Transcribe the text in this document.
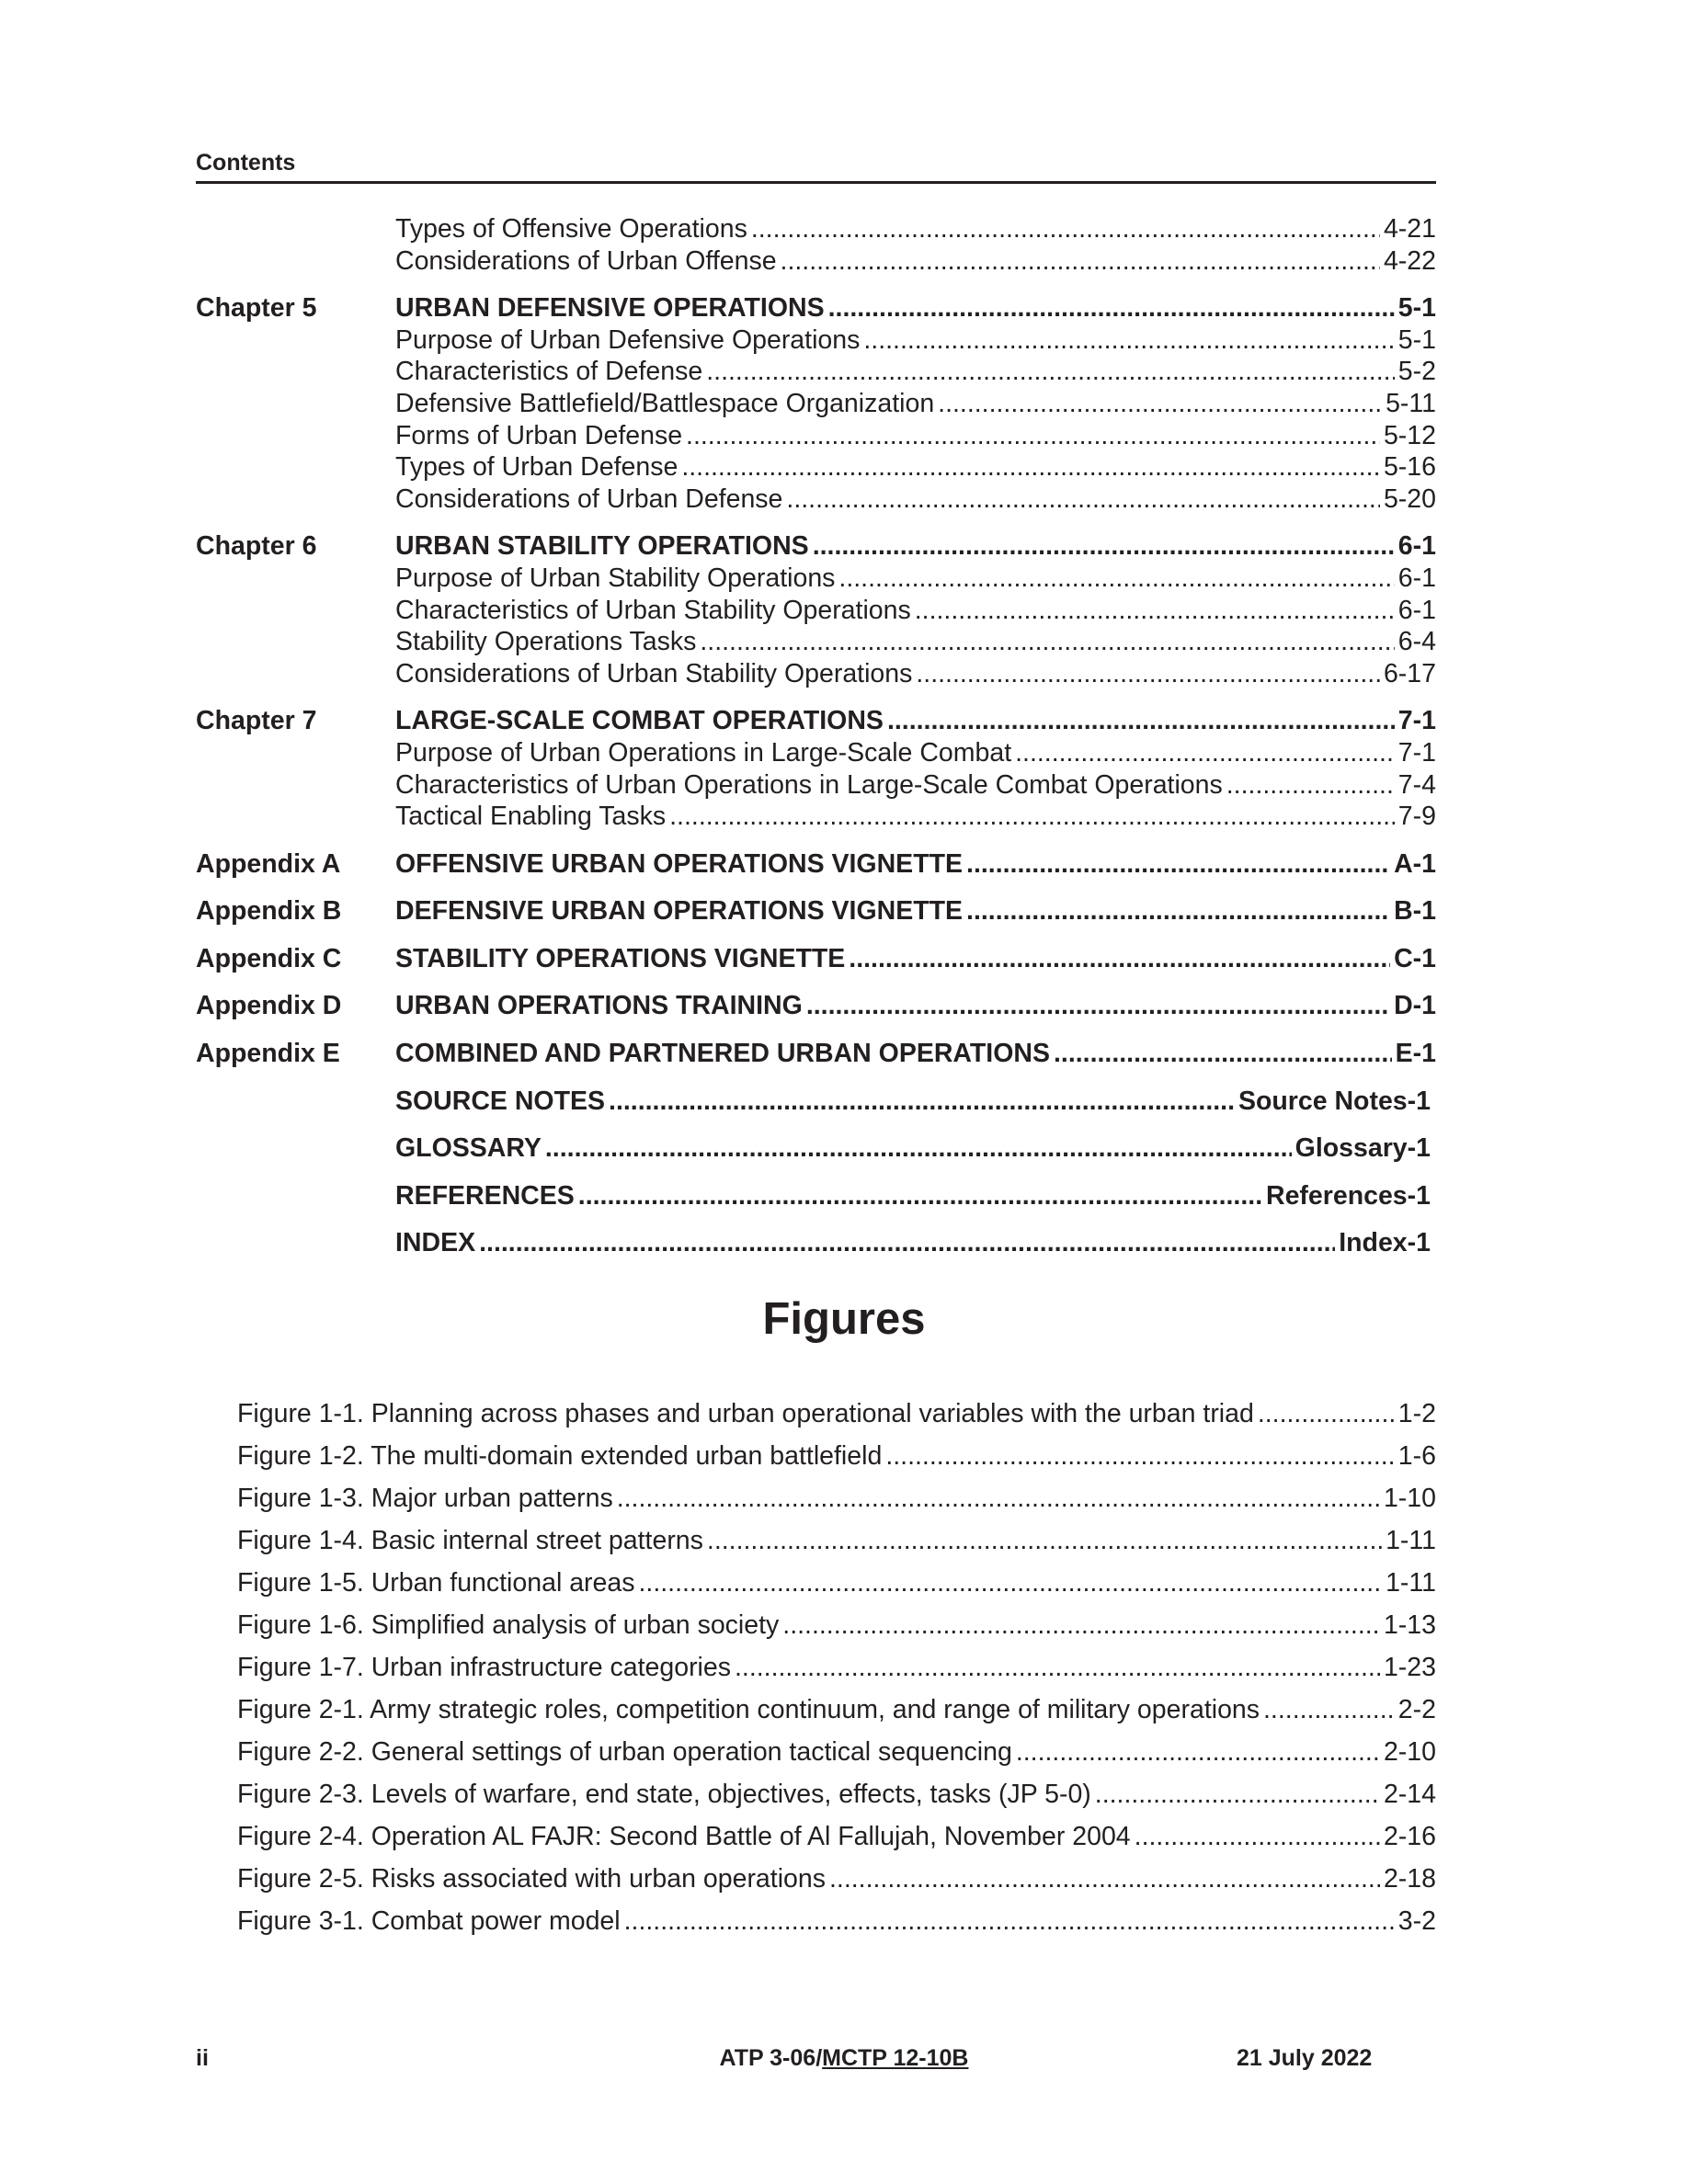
Contents
Types of Offensive Operations .....	4-21
Considerations of Urban Offense .....	4-22
Chapter 5	URBAN DEFENSIVE OPERATIONS .....	5-1
Purpose of Urban Defensive Operations .....	5-1
Characteristics of Defense .....	5-2
Defensive Battlefield/Battlespace Organization .....	5-11
Forms of Urban Defense .....	5-12
Types of Urban Defense .....	5-16
Considerations of Urban Defense .....	5-20
Chapter 6	URBAN STABILITY OPERATIONS .....	6-1
Purpose of Urban Stability Operations .....	6-1
Characteristics of Urban Stability Operations .....	6-1
Stability Operations Tasks .....	6-4
Considerations of Urban Stability Operations .....	6-17
Chapter 7	LARGE-SCALE COMBAT OPERATIONS .....	7-1
Purpose of Urban Operations in Large-Scale Combat .....	7-1
Characteristics of Urban Operations in Large-Scale Combat Operations .....	7-4
Tactical Enabling Tasks .....	7-9
Appendix A	OFFENSIVE URBAN OPERATIONS VIGNETTE .....	A-1
Appendix B	DEFENSIVE URBAN OPERATIONS VIGNETTE .....	B-1
Appendix C	STABILITY OPERATIONS VIGNETTE .....	C-1
Appendix D	URBAN OPERATIONS TRAINING .....	D-1
Appendix E	COMBINED AND PARTNERED URBAN OPERATIONS .....	E-1
SOURCE NOTES .....	Source Notes-1
GLOSSARY .....	Glossary-1
REFERENCES .....	References-1
INDEX .....	Index-1
Figures
Figure 1-1. Planning across phases and urban operational variables with the urban triad .....	1-2
Figure 1-2. The multi-domain extended urban battlefield .....	1-6
Figure 1-3. Major urban patterns .....	1-10
Figure 1-4. Basic internal street patterns .....	1-11
Figure 1-5. Urban functional areas .....	1-11
Figure 1-6. Simplified analysis of urban society .....	1-13
Figure 1-7. Urban infrastructure categories .....	1-23
Figure 2-1. Army strategic roles, competition continuum, and range of military operations .....	2-2
Figure 2-2. General settings of urban operation tactical sequencing .....	2-10
Figure 2-3. Levels of warfare, end state, objectives, effects, tasks (JP 5-0) .....	2-14
Figure 2-4. Operation AL FAJR: Second Battle of Al Fallujah, November 2004 .....	2-16
Figure 2-5. Risks associated with urban operations .....	2-18
Figure 3-1. Combat power model .....	3-2
ii	ATP 3-06/MCTP 12-10B	21 July 2022
